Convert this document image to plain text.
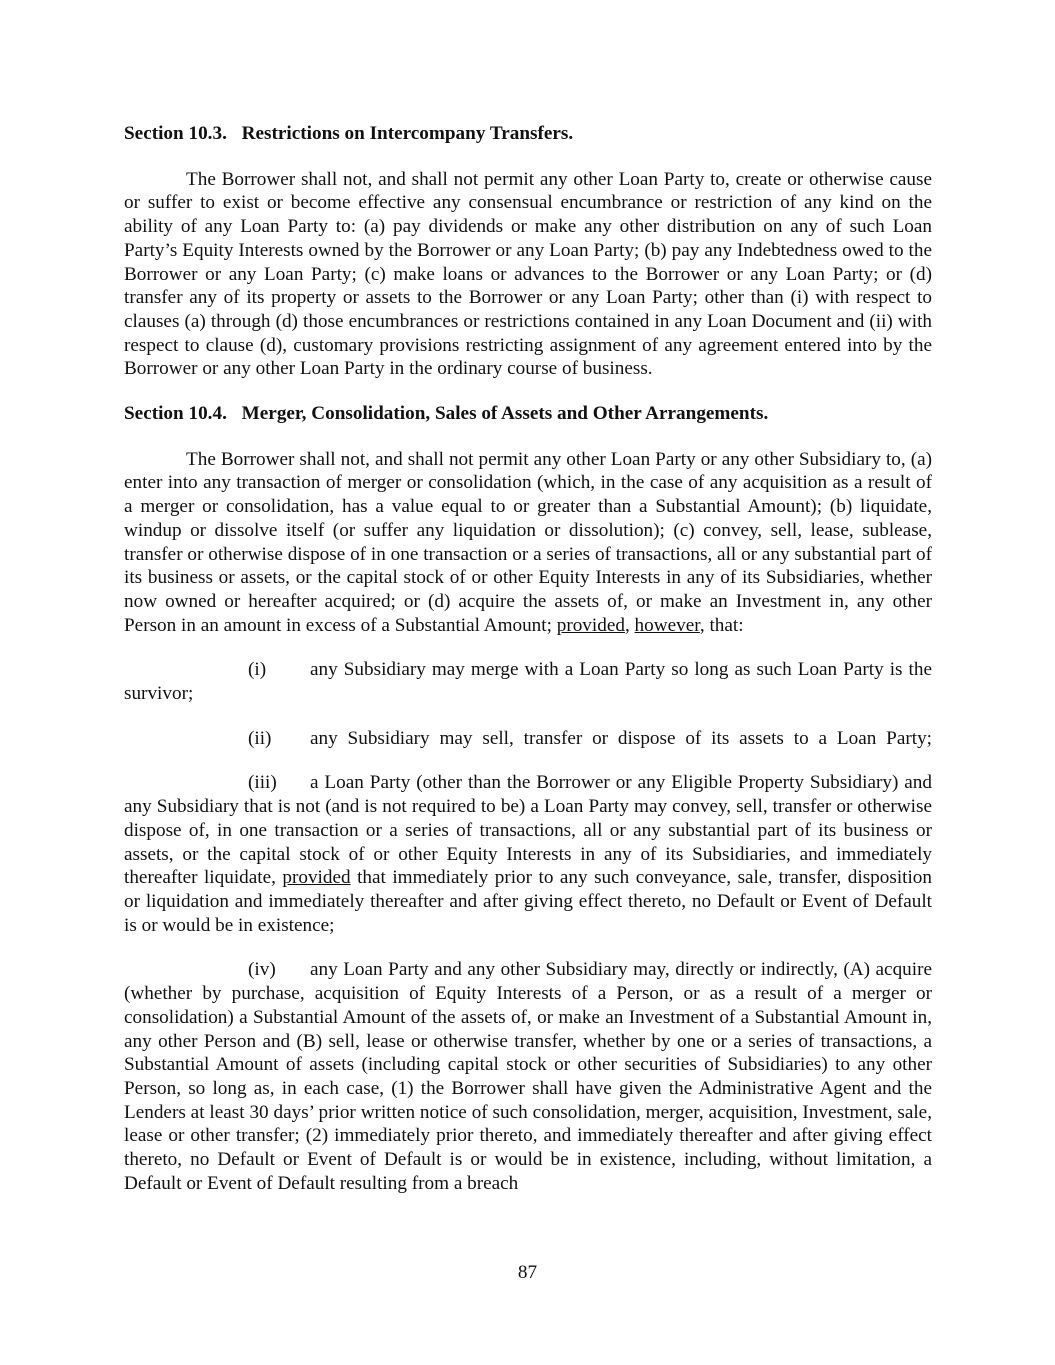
Section 10.3. Restrictions on Intercompany Transfers.

The Borrower shall not, and shall not permit any other Loan Party to, create or otherwise cause or suffer to exist or become effective any consensual encumbrance or restriction of any kind on the ability of any Loan Party to: (a) pay dividends or make any other distribution on any of such Loan Party’s Equity Interests owned by the Borrower or any Loan Party; (b) pay any Indebtedness owed to the Borrower or any Loan Party; (c) make loans or advances to the Borrower or any Loan Party; or (d) transfer any of its property or assets to the Borrower or any Loan Party; other than (i) with respect to clauses (a) through (d) those encumbrances or restrictions contained in any Loan Document and (ii) with respect to clause (d), customary provisions restricting assignment of any agreement entered into by the Borrower or any other Loan Party in the ordinary course of business.

Section 10.4. Merger, Consolidation, Sales of Assets and Other Arrangements.

The Borrower shall not, and shall not permit any other Loan Party or any other Subsidiary to, (a) enter into any transaction of merger or consolidation (which, in the case of any acquisition as a result of a merger or consolidation, has a value equal to or greater than a Substantial Amount); (b) liquidate, windup or dissolve itself (or suffer any liquidation or dissolution); (c) convey, sell, lease, sublease, transfer or otherwise dispose of in one transaction or a series of transactions, all or any substantial part of its business or assets, or the capital stock of or other Equity Interests in any of its Subsidiaries, whether now owned or hereafter acquired; or (d) acquire the assets of, or make an Investment in, any other Person in an amount in excess of a Substantial Amount; provided, however, that:

(i) any Subsidiary may merge with a Loan Party so long as such Loan Party is the survivor;

(ii) any Subsidiary may sell, transfer or dispose of its assets to a Loan Party;

(iii) a Loan Party (other than the Borrower or any Eligible Property Subsidiary) and any Subsidiary that is not (and is not required to be) a Loan Party may convey, sell, transfer or otherwise dispose of, in one transaction or a series of transactions, all or any substantial part of its business or assets, or the capital stock of or other Equity Interests in any of its Subsidiaries, and immediately thereafter liquidate, provided that immediately prior to any such conveyance, sale, transfer, disposition or liquidation and immediately thereafter and after giving effect thereto, no Default or Event of Default is or would be in existence;

(iv) any Loan Party and any other Subsidiary may, directly or indirectly, (A) acquire (whether by purchase, acquisition of Equity Interests of a Person, or as a result of a merger or consolidation) a Substantial Amount of the assets of, or make an Investment of a Substantial Amount in, any other Person and (B) sell, lease or otherwise transfer, whether by one or a series of transactions, a Substantial Amount of assets (including capital stock or other securities of Subsidiaries) to any other Person, so long as, in each case, (1) the Borrower shall have given the Administrative Agent and the Lenders at least 30 days’ prior written notice of such consolidation, merger, acquisition, Investment, sale, lease or other transfer; (2) immediately prior thereto, and immediately thereafter and after giving effect thereto, no Default or Event of Default is or would be in existence, including, without limitation, a Default or Event of Default resulting from a breach

87
